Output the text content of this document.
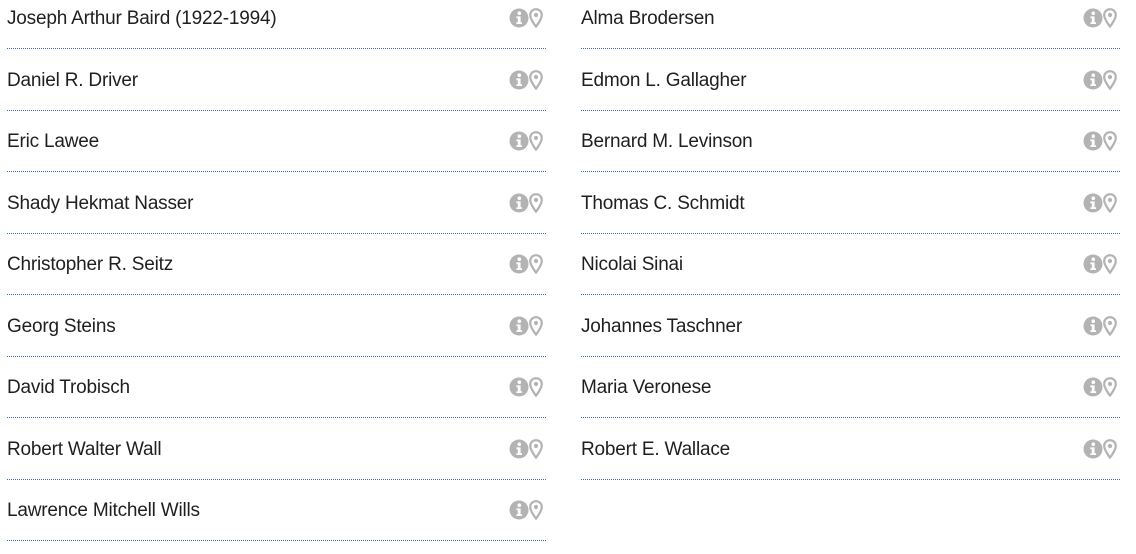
Joseph Arthur Baird (1922-1994)
Daniel R. Driver
Eric Lawee
Shady Hekmat Nasser
Christopher R. Seitz
Georg Steins
David Trobisch
Robert Walter Wall
Lawrence Mitchell Wills
Alma Brodersen
Edmon L. Gallagher
Bernard M. Levinson
Thomas C. Schmidt
Nicolai Sinai
Johannes Taschner
Maria Veronese
Robert E. Wallace
